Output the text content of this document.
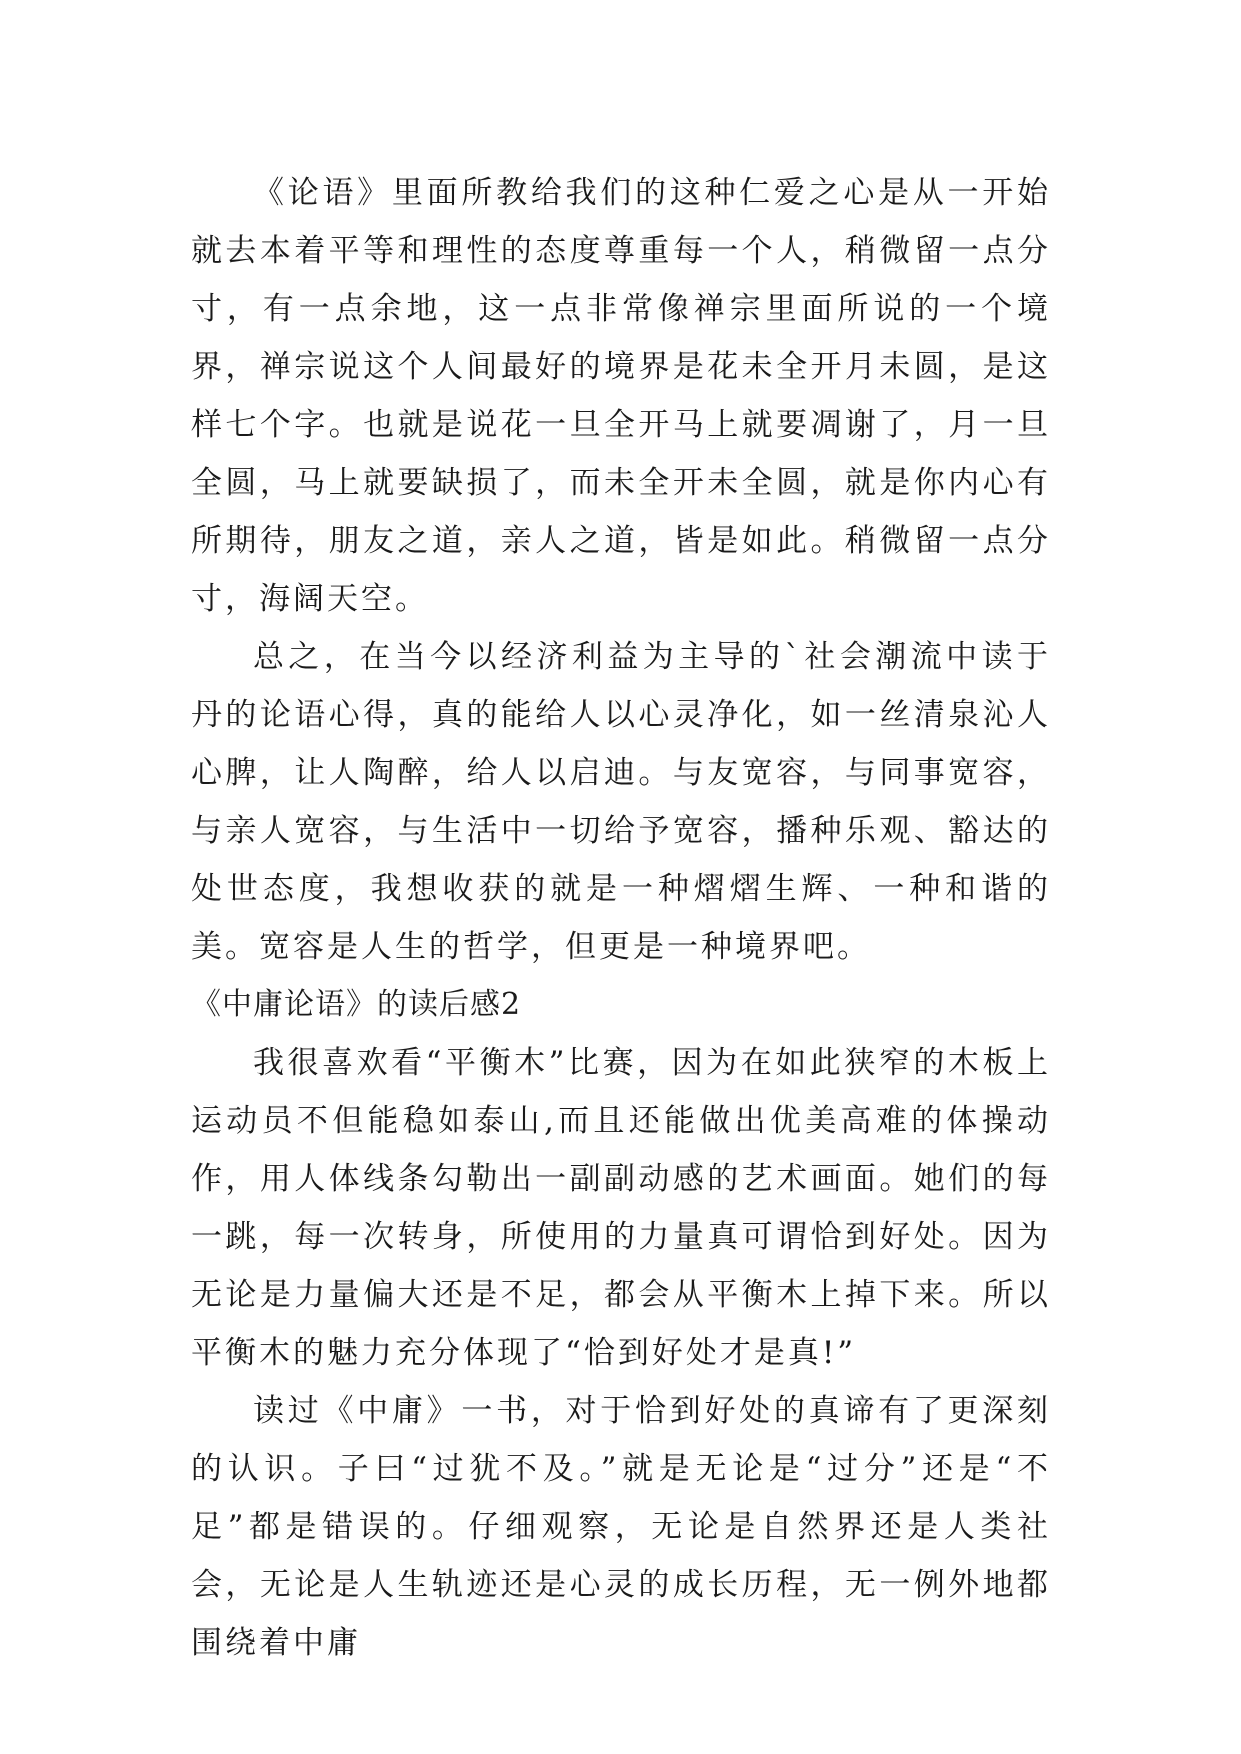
《论语》里面所教给我们的这种仁爱之心是从一开始就去本着平等和理性的态度尊重每一个人，稍微留一点分寸，有一点余地，这一点非常像禅宗里面所说的一个境界，禅宗说这个人间最好的境界是花未全开月未圆，是这样七个字。也就是说花一旦全开马上就要凋谢了，月一旦全圆，马上就要缺损了，而未全开未全圆，就是你内心有所期待，朋友之道，亲人之道，皆是如此。稍微留一点分寸，海阔天空。

总之，在当今以经济利益为主导的`社会潮流中读于丹的论语心得，真的能给人以心灵净化，如一丝清泉沁人心脾，让人陶醉，给人以启迪。与友宽容，与同事宽容，与亲人宽容，与生活中一切给予宽容，播种乐观、豁达的处世态度，我想收获的就是一种熠熠生辉、一种和谐的美。宽容是人生的哲学，但更是一种境界吧。

《中庸论语》的读后感2

我很喜欢看“平衡木”比赛，因为在如此狭窄的木板上运动员不但能稳如泰山,而且还能做出优美高难的体操动作，用人体线条勾勒出一副副动感的艺术画面。她们的每一跳，每一次转身，所使用的力量真可谓恰到好处。因为无论是力量偏大还是不足，都会从平衡木上掉下来。所以平衡木的魅力充分体现了“恰到好处才是真!”

读过《中庸》一书，对于恰到好处的真谛有了更深刻的认识。子曰“过犹不及。”就是无论是“过分”还是“不足”都是错误的。仔细观察，无论是自然界还是人类社会，无论是人生轨迹还是心灵的成长历程，无一例外地都围绕着中庸
